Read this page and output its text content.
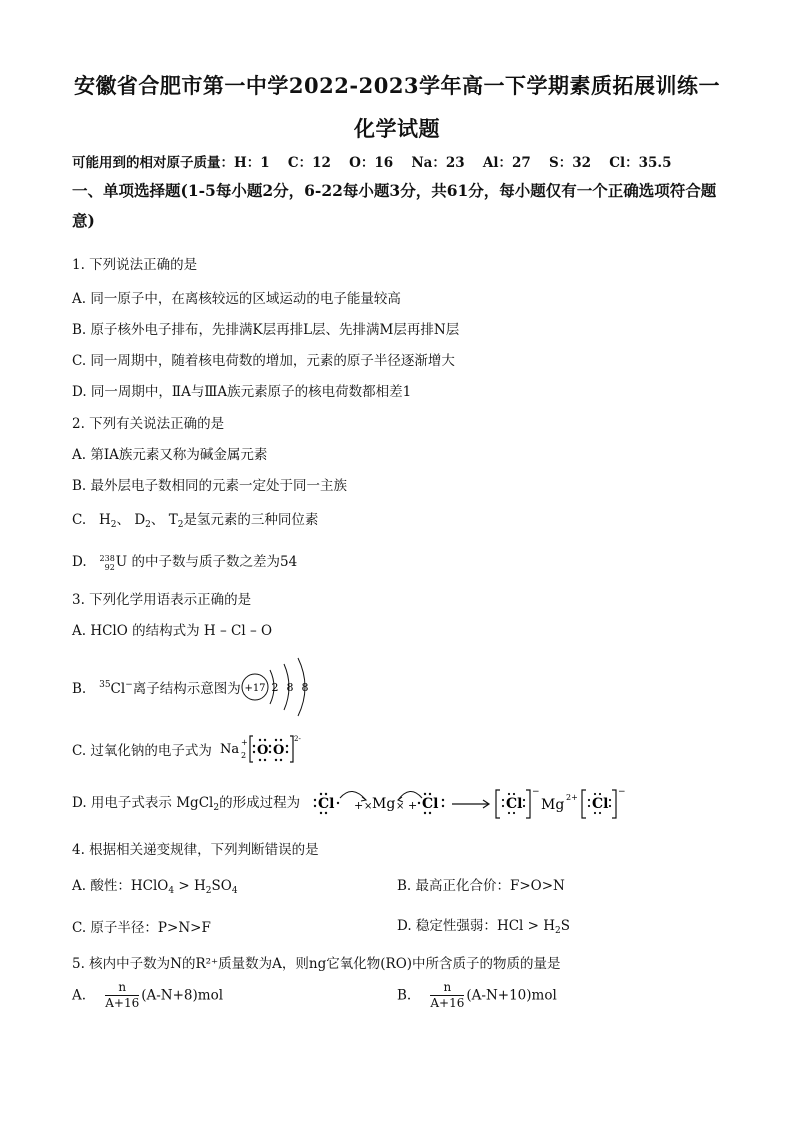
安徽省合肥市第一中学2022-2023学年高一下学期素质拓展训练一
化学试题
可能用到的相对原子质量：H：1　 C：12　 O：16　 Na：23　 Al：27　 S：32　 Cl：35.5
一、单项选择题(1-5每小题2分，6-22每小题3分，共61分，每小题仅有一个正确选项符合题意)
1. 下列说法正确的是
A. 同一原子中，在离核较远的区域运动的电子能量较高
B. 原子核外电子排布，先排满K层再排L层、先排满M层再排N层
C. 同一周期中，随着核电荷数的增加，元素的原子半径逐渐增大
D. 同一周期中，ⅡA与ⅢA族元素原子的核电荷数都相差1
2. 下列有关说法正确的是
A. 第IA族元素又称为碱金属元素
B. 最外层电子数相同的元素一定处于同一主族
C. $H_2$、 $D_2$、 $T_2$是氢元素的三种同位素
D. 238
92 U 的中子数与质子数之差为54
3. 下列化学用语表示正确的是
A. HClO 的结构式为 H – Cl – O
B. $^{35}$Cl−离子结构示意图为 +17 2 8 8
C. 过氧化钠的电子式为 Na +
2 O O
2-
D. 用电子式表示 MgCl$_2$的形成过程为 Cl + × Mg × + Cl	Cl
−
Mg 2+ Cl
−
4. 根据相关递变规律，下列判断错误的是
A. 酸性：HClO$_4$ > $H_2SO_4$	B. 最高正化合价：F>O>N
C. 原子半径：P>N>F	D. 稳定性强弱：HCl > $H_2S$
5. 核内中子数为N的R²⁺质量数为A，则ng它氧化物(RO)中所含质子的物质的量是
A. $\frac{n}{A+16} (A-N+8)mol$	B. $\frac{n}{A+16} (A-N+10)mol$
